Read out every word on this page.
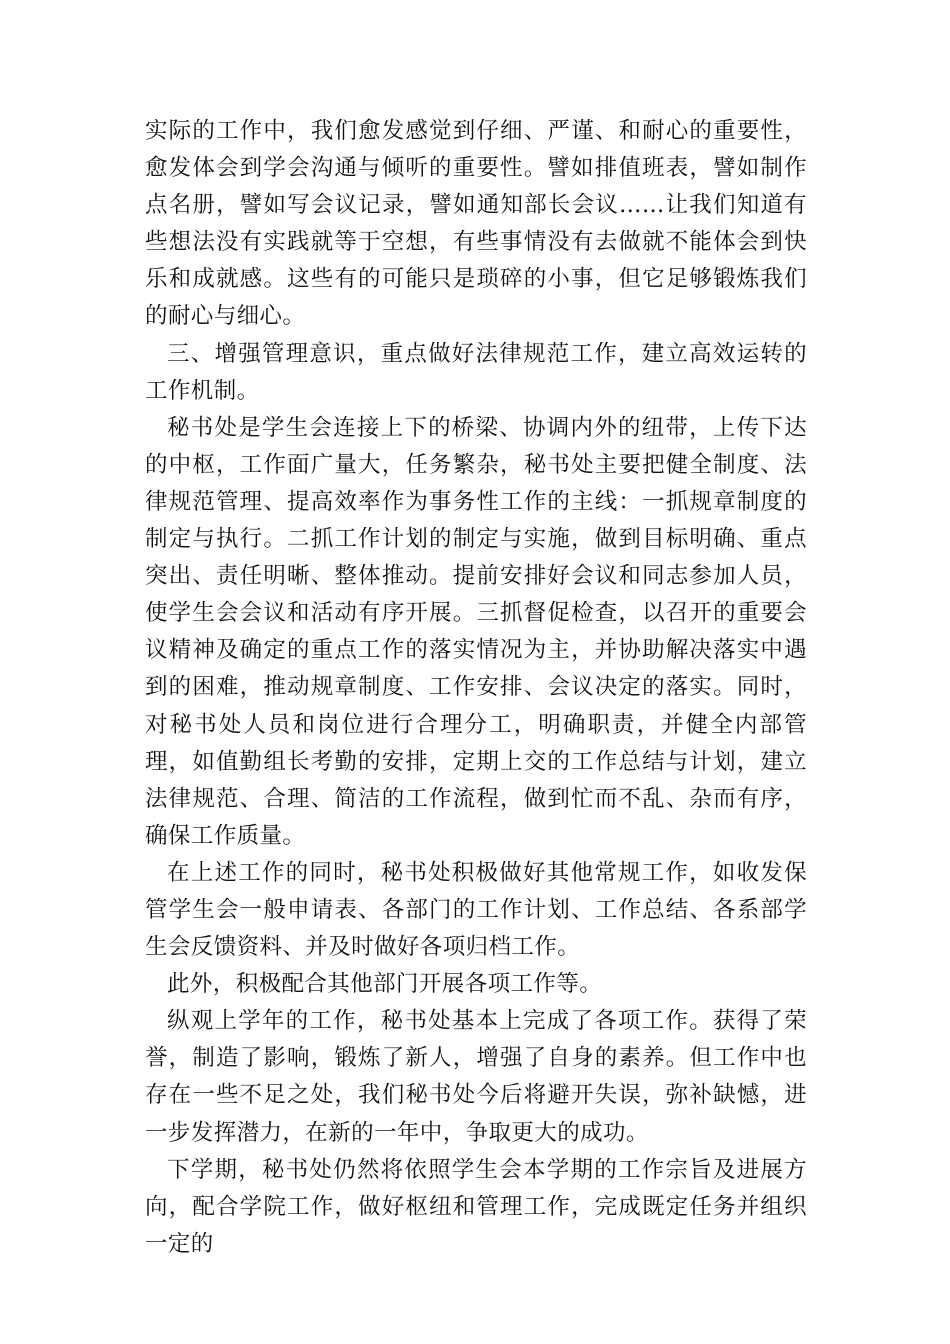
实际的工作中，我们愈发感觉到仔细、严谨、和耐心的重要性，愈发体会到学会沟通与倾听的重要性。譬如排值班表，譬如制作点名册，譬如写会议记录，譬如通知部长会议……让我们知道有些想法没有实践就等于空想，有些事情没有去做就不能体会到快乐和成就感。这些有的可能只是琐碎的小事，但它足够锻炼我们的耐心与细心。

三、增强管理意识，重点做好法律规范工作，建立高效运转的工作机制。

秘书处是学生会连接上下的桥梁、协调内外的纽带，上传下达的中枢，工作面广量大，任务繁杂，秘书处主要把健全制度、法律规范管理、提高效率作为事务性工作的主线：一抓规章制度的制定与执行。二抓工作计划的制定与实施，做到目标明确、重点突出、责任明晰、整体推动。提前安排好会议和同志参加人员，使学生会会议和活动有序开展。三抓督促检查，以召开的重要会议精神及确定的重点工作的落实情况为主，并协助解决落实中遇到的困难，推动规章制度、工作安排、会议决定的落实。同时，对秘书处人员和岗位进行合理分工，明确职责，并健全内部管理，如值勤组长考勤的安排，定期上交的工作总结与计划，建立法律规范、合理、简洁的工作流程，做到忙而不乱、杂而有序，确保工作质量。

在上述工作的同时，秘书处积极做好其他常规工作，如收发保管学生会一般申请表、各部门的工作计划、工作总结、各系部学生会反馈资料、并及时做好各项归档工作。

此外，积极配合其他部门开展各项工作等。

纵观上学年的工作，秘书处基本上完成了各项工作。获得了荣誉，制造了影响，锻炼了新人，增强了自身的素养。但工作中也存在一些不足之处，我们秘书处今后将避开失误，弥补缺憾，进一步发挥潜力，在新的一年中，争取更大的成功。

下学期，秘书处仍然将依照学生会本学期的工作宗旨及进展方向，配合学院工作，做好枢纽和管理工作，完成既定任务并组织一定的
